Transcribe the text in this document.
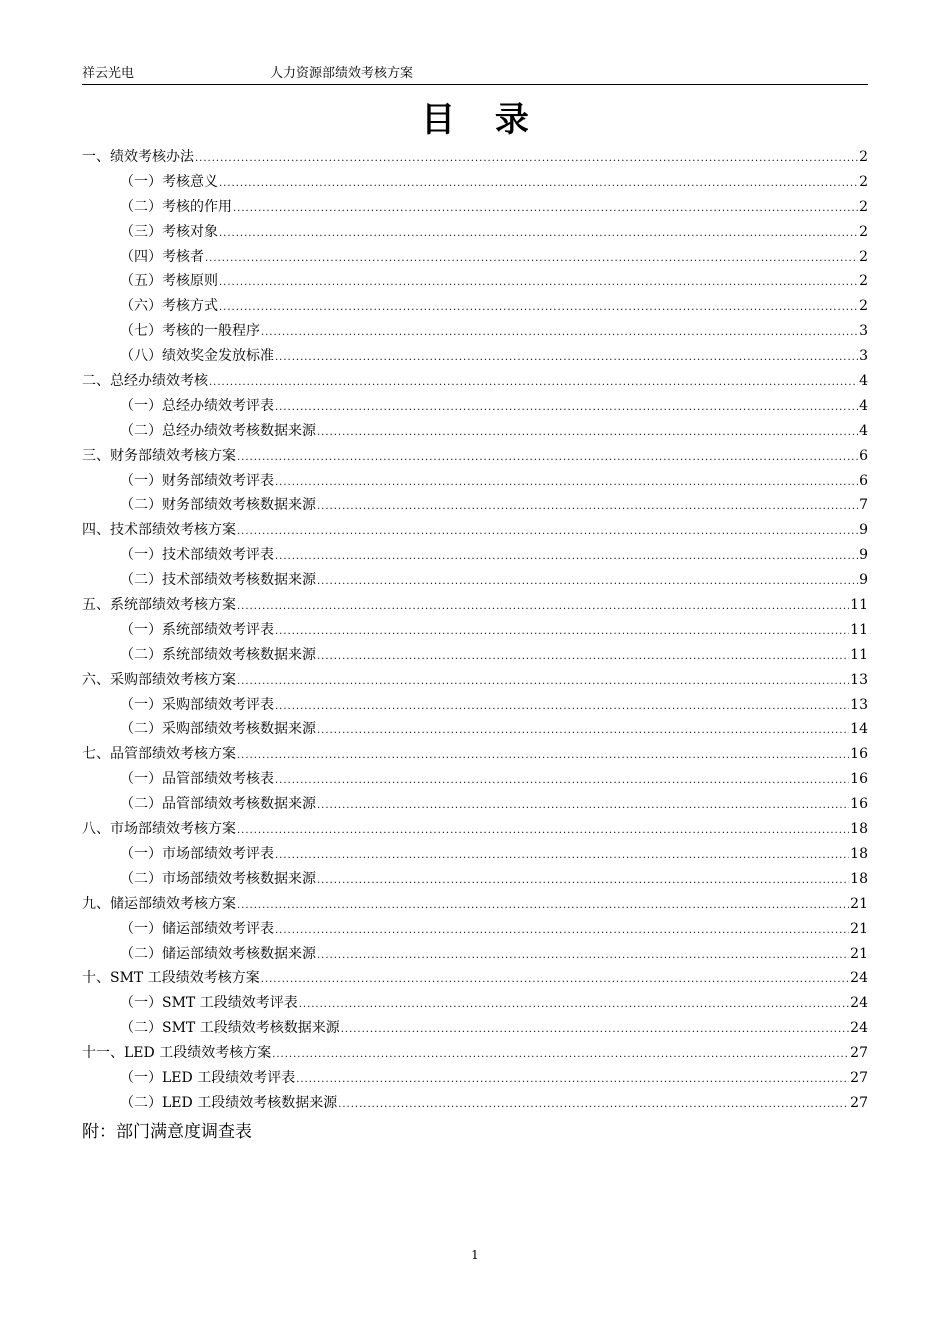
祥云光电	人力资源部绩效考核方案
目 录
一、绩效考核办法 .....	2
（一）考核意义 .....	2
（二）考核的作用 .....	2
（三）考核对象 .....	2
（四）考核者 .....	2
（五）考核原则 .....	2
（六）考核方式 .....	2
（七）考核的一般程序 .....	3
（八）绩效奖金发放标准 .....	3
二、总经办绩效考核 .....	4
（一）总经办绩效考评表 .....	4
（二）总经办绩效考核数据来源 .....	4
三、财务部绩效考核方案 .....	6
（一）财务部绩效考评表 .....	6
（二）财务部绩效考核数据来源 .....	7
四、技术部绩效考核方案 .....	9
（一）技术部绩效考评表 .....	9
（二）技术部绩效考核数据来源 .....	9
五、系统部绩效考核方案 .....	11
（一）系统部绩效考评表 .....	11
（二）系统部绩效考核数据来源 .....	11
六、采购部绩效考核方案 .....	13
（一）采购部绩效考评表 .....	13
（二）采购部绩效考核数据来源 .....	14
七、品管部绩效考核方案 .....	16
（一）品管部绩效考核表 .....	16
（二）品管部绩效考核数据来源 .....	16
八、市场部绩效考核方案 .....	18
（一）市场部绩效考评表 .....	18
（二）市场部绩效考核数据来源 .....	18
九、储运部绩效考核方案 .....	21
（一）储运部绩效考评表 .....	21
（二）储运部绩效考核数据来源 .....	21
十、SMT 工段绩效考核方案 .....	24
（一）SMT 工段绩效考评表 .....	24
（二）SMT 工段绩效考核数据来源 .....	24
十一、LED 工段绩效考核方案 .....	27
（一）LED 工段绩效考评表 .....	27
（二）LED 工段绩效考核数据来源 .....	27
附：部门满意度调查表
1
